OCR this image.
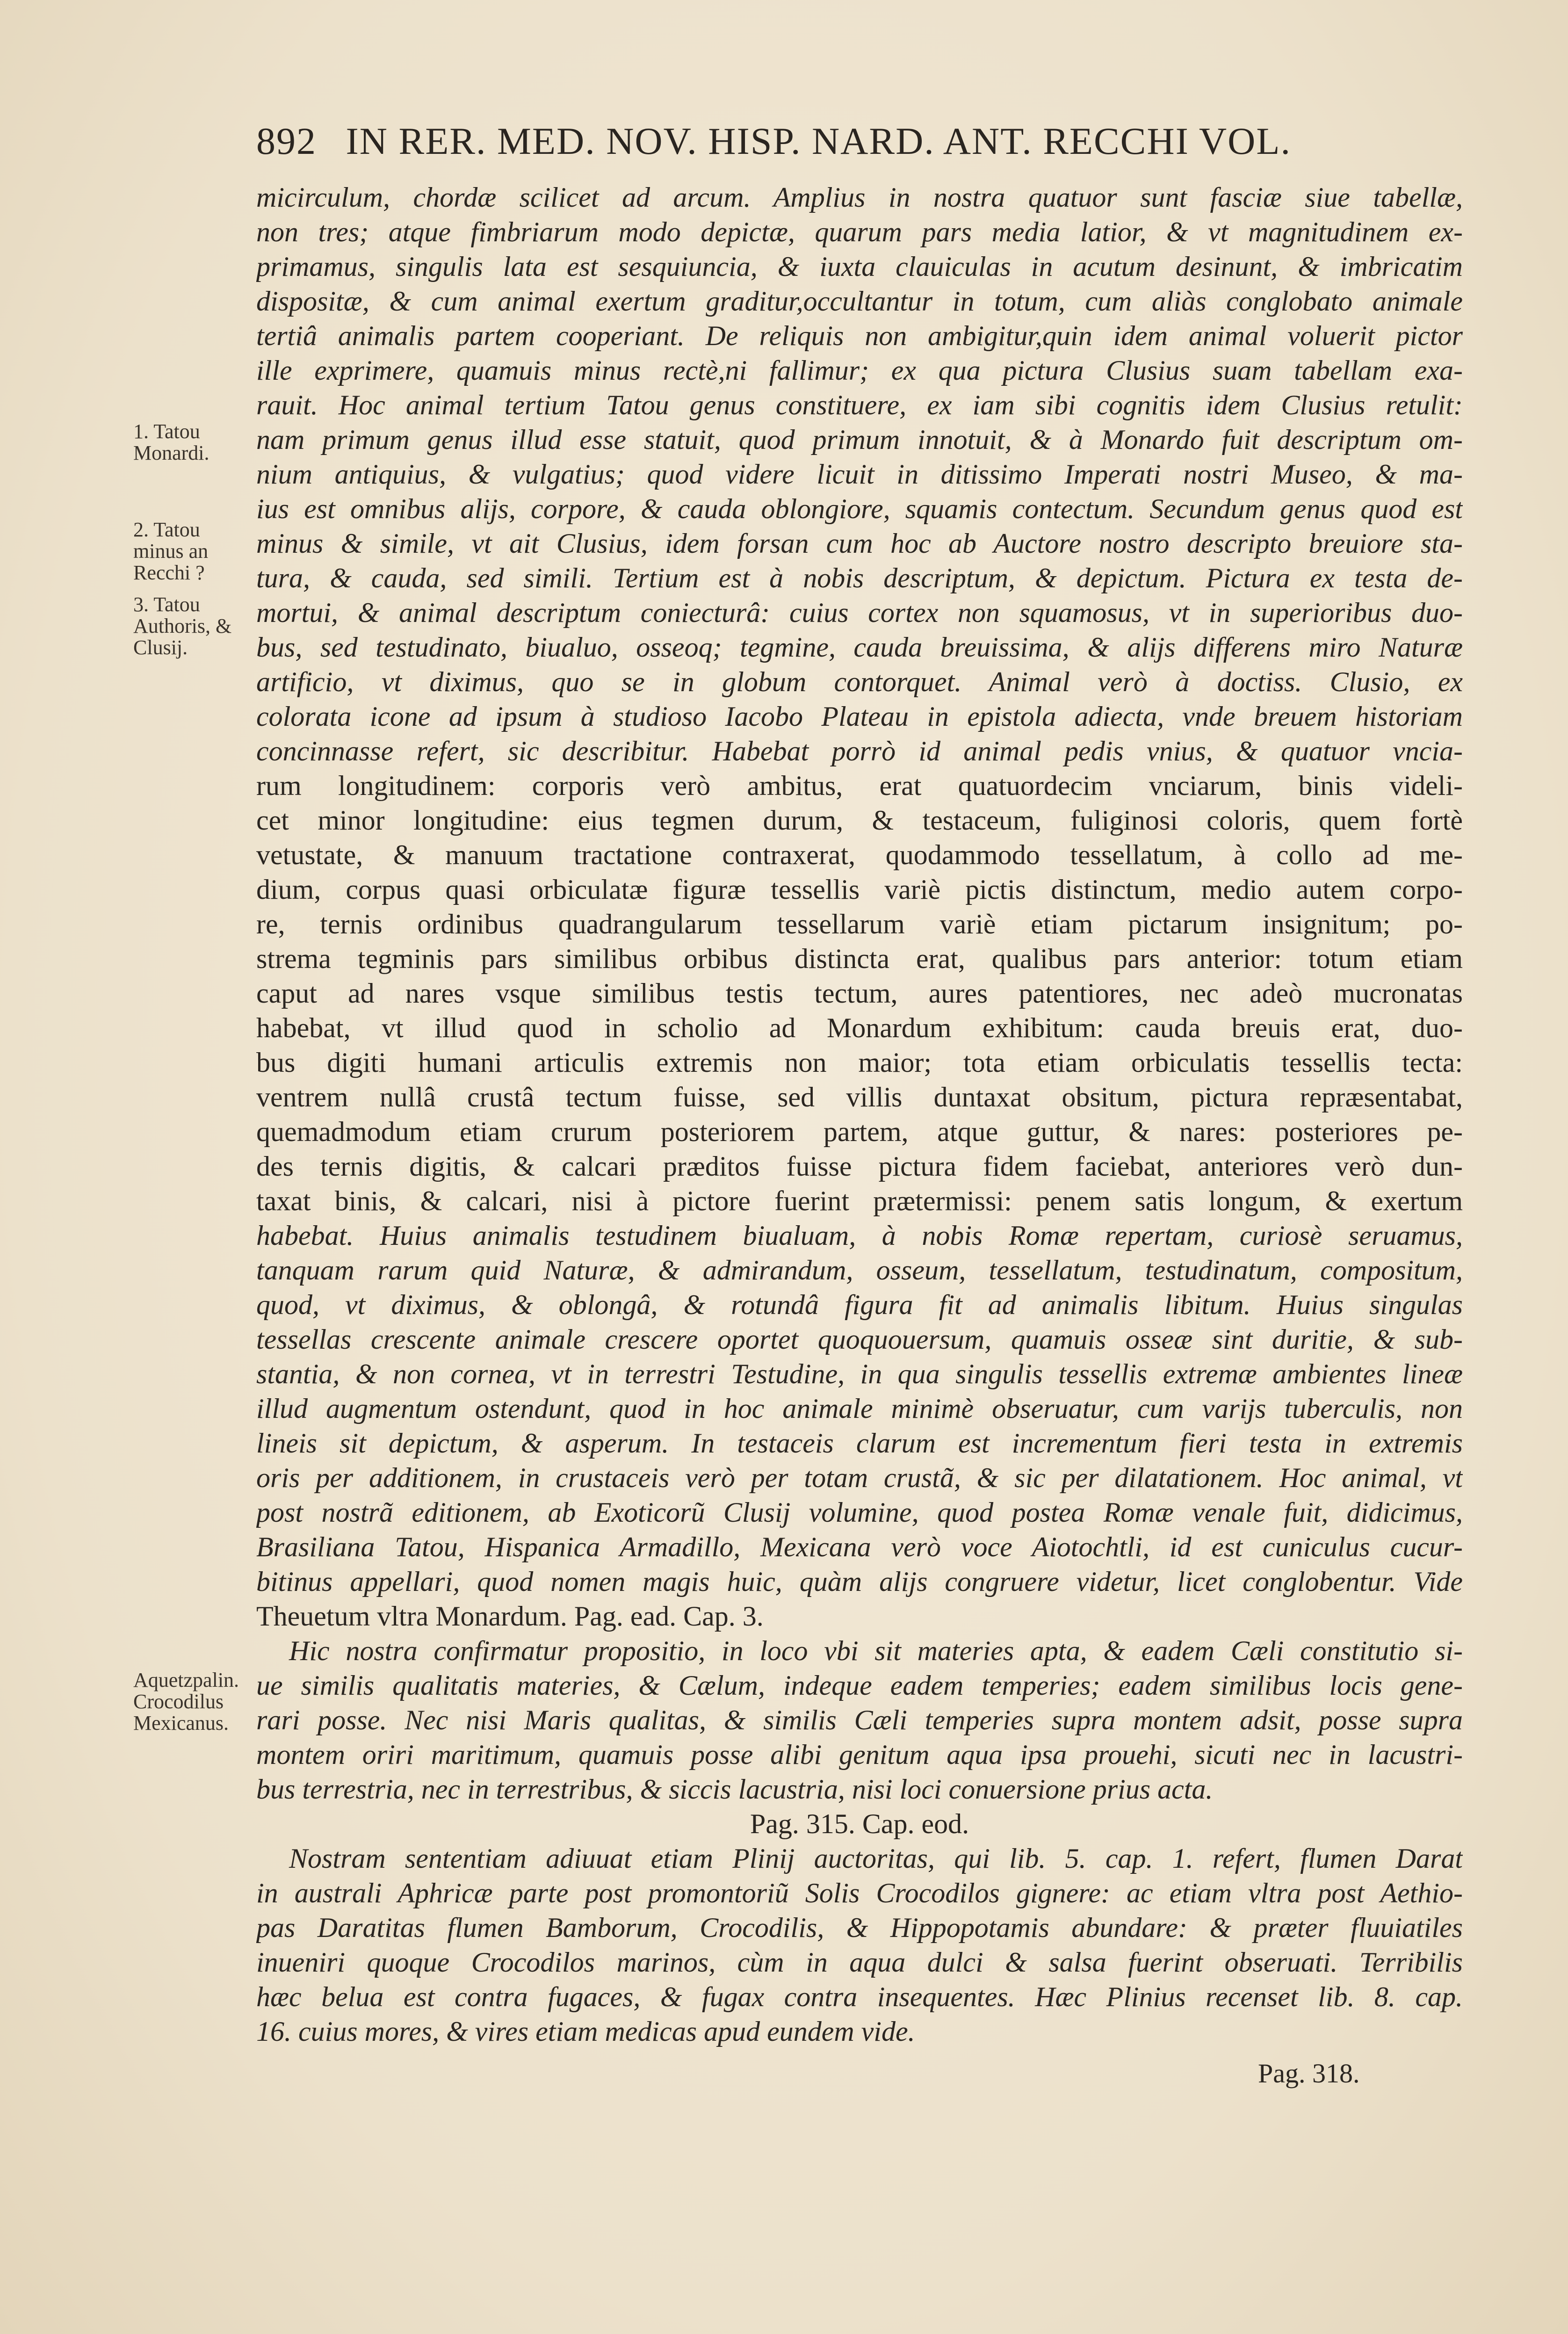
892 IN RER. MED. NOV. HISP. NARD. ANT. RECCHI VOL.
1. Tatou Monardi.
2. Tatou minus an Recchi ?
3. Tatou Authoris, & Clusij.
Aquetzpalin. Crocodilus Mexicanus.
micirculum, chordæ scilicet ad arcum. Amplius in nostra quatuor sunt fasciæ siue tabellæ,
non tres; atque fimbriarum modo depictæ, quarum pars media latior, & vt magnitudinem ex-
primamus, singulis lata est sesquiuncia, & iuxta clauiculas in acutum desinunt, & imbricatim
dispositæ, & cum animal exertum graditur,occultantur in totum, cum aliàs conglobato animale
tertiâ animalis partem cooperiant. De reliquis non ambigitur,quin idem animal voluerit pictor
ille exprimere, quamuis minus rectè,ni fallimur; ex qua pictura Clusius suam tabellam exa-
rauit. Hoc animal tertium Tatou genus constituere, ex iam sibi cognitis idem Clusius retulit:
nam primum genus illud esse statuit, quod primum innotuit, & à Monardo fuit descriptum om-
nium antiquius, & vulgatius; quod videre licuit in ditissimo Imperati nostri Museo, & ma-
ius est omnibus alijs, corpore, & cauda oblongiore, squamis contectum. Secundum genus quod est
minus & simile, vt ait Clusius, idem forsan cum hoc ab Auctore nostro descripto breuiore sta-
tura, & cauda, sed simili. Tertium est à nobis descriptum, & depictum. Pictura ex testa de-
mortui, & animal descriptum coniecturâ: cuius cortex non squamosus, vt in superioribus duo-
bus, sed testudinato, biualuo, osseoq; tegmine, cauda breuissima, & alijs differens miro Naturæ
artificio, vt diximus, quo se in globum contorquet. Animal verò à doctiss. Clusio, ex
colorata icone ad ipsum à studioso Iacobo Plateau in epistola adiecta, vnde breuem historiam
concinnasse refert, sic describitur. Habebat porrò id animal pedis vnius, & quatuor vncia-
rum longitudinem: corporis verò ambitus, erat quatuordecim vnciarum, binis videli-
cet minor longitudine: eius tegmen durum, & testaceum, fuliginosi coloris, quem fortè
vetustate, & manuum tractatione contraxerat, quodammodo tessellatum, à collo ad me-
dium, corpus quasi orbiculatæ figuræ tessellis variè pictis distinctum, medio autem corpo-
re, ternis ordinibus quadrangularum tessellarum variè etiam pictarum insignitum; po-
strema tegminis pars similibus orbibus distincta erat, qualibus pars anterior: totum etiam
caput ad nares vsque similibus testis tectum, aures patentiores, nec adeò mucronatas
habebat, vt illud quod in scholio ad Monardum exhibitum: cauda breuis erat, duo-
bus digiti humani articulis extremis non maior; tota etiam orbiculatis tessellis tecta:
ventrem nullâ crustâ tectum fuisse, sed villis duntaxat obsitum, pictura repræsentabat,
quemadmodum etiam crurum posteriorem partem, atque guttur, & nares: posteriores pe-
des ternis digitis, & calcari præditos fuisse pictura fidem faciebat, anteriores verò dun-
taxat binis, & calcari, nisi à pictore fuerint prætermissi: penem satis longum, & exertum
habebat. Huius animalis testudinem biualuam, à nobis Romæ repertam, curiosè seruamus,
tanquam rarum quid Naturæ, & admirandum, osseum, tessellatum, testudinatum, compositum,
quod, vt diximus, & oblongâ, & rotundâ figura fit ad animalis libitum. Huius singulas
tessellas crescente animale crescere oportet quoquouersum, quamuis osseæ sint duritie, & sub-
stantia, & non cornea, vt in terrestri Testudine, in qua singulis tessellis extremæ ambientes lineæ
illud augmentum ostendunt, quod in hoc animale minimè obseruatur, cum varijs tuberculis, non
lineis sit depictum, & asperum. In testaceis clarum est incrementum fieri testa in extremis
oris per additionem, in crustaceis verò per totam crustã, & sic per dilatationem. Hoc animal, vt
post nostrã editionem, ab Exoticorũ Clusij volumine, quod postea Romæ venale fuit, didicimus,
Brasiliana Tatou, Hispanica Armadillo, Mexicana verò voce Aiotochtli, id est cuniculus cucur-
bitinus appellari, quod nomen magis huic, quàm alijs congruere videtur, licet conglobentur. Vide
Theuetum vltra Monardum. Pag. ead. Cap. 3.
Hic nostra confirmatur propositio, in loco vbi sit materies apta, & eadem Cæli constitutio si-
ue similis qualitatis materies, & Cælum, indeque eadem temperies; eadem similibus locis gene-
rari posse. Nec nisi Maris qualitas, & similis Cæli temperies supra montem adsit, posse supra
montem oriri maritimum, quamuis posse alibi genitum aqua ipsa prouehi, sicuti nec in lacustri-
bus terrestria, nec in terrestribus, & siccis lacustria, nisi loci conuersione prius acta.
Pag. 315. Cap. eod.
Nostram sententiam adiuuat etiam Plinij auctoritas, qui lib. 5. cap. 1. refert, flumen Darat
in australi Aphricæ parte post promontoriũ Solis Crocodilos gignere: ac etiam vltra post Aethio-
pas Daratitas flumen Bamborum, Crocodilis, & Hippopotamis abundare: & præter fluuiatiles
inueniri quoque Crocodilos marinos, cùm in aqua dulci & salsa fuerint obseruati. Terribilis
hæc belua est contra fugaces, & fugax contra insequentes. Hæc Plinius recenset lib. 8. cap.
16. cuius mores, & vires etiam medicas apud eundem vide.
Pag. 318.
